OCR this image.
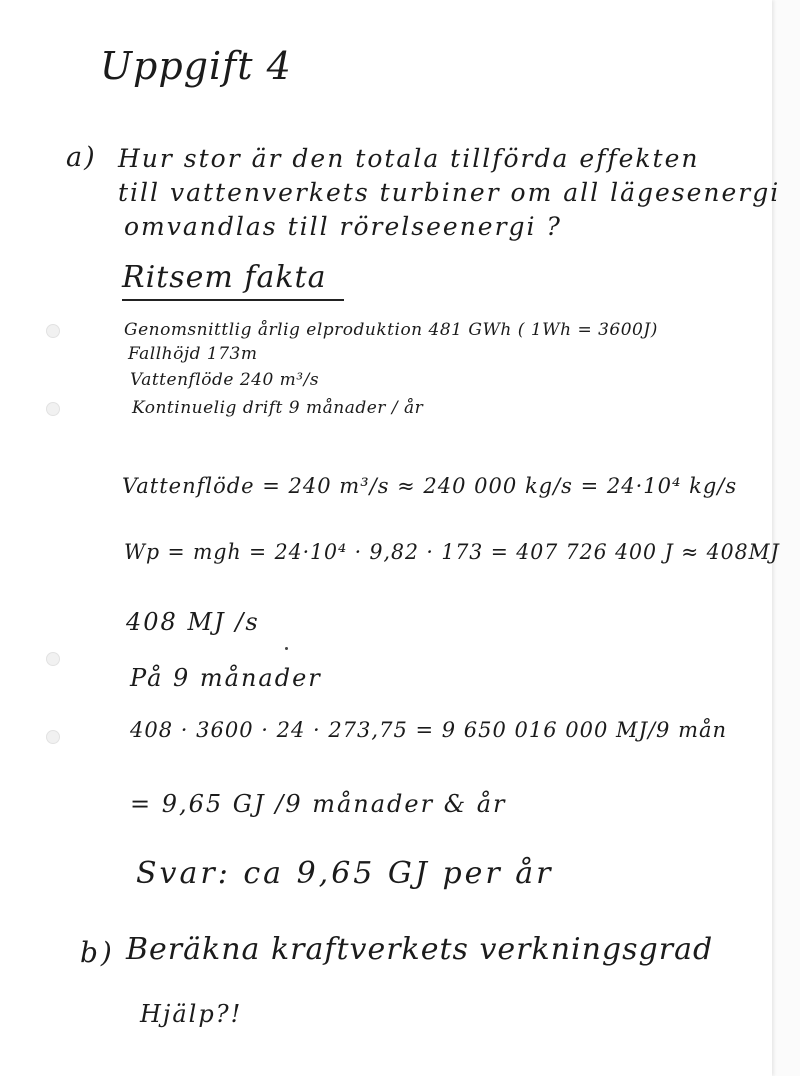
Uppgift 4
a) Hur stor är den totala tillförda effekten
till vattenverkets turbiner om all lägesenergi
omvandlas till rörelseenergi ?
Ritsem fakta
Genomsnittlig årlig elproduktion 481 GWh ( 1Wh = 3600J)
Fallhöjd 173m
Vattenflöde 240 m³/s
Kontinuelig drift 9 månader / år
Vattenflöde = 240 m³/s ≈ 240 000 kg/s = 24·10⁴ kg/s
Wp = mgh = 24·10⁴ · 9,82 · 173 = 407 726 400 J ≈ 408MJ
408 MJ /s
På 9 månader
408 · 3600 · 24 · 273,75 = 9 650 016 000 MJ/9 mån
= 9,65 GJ /9 månader & år
Svar: ca 9,65 GJ per år
b) Beräkna kraftverkets verkningsgrad
Hjälp?!
